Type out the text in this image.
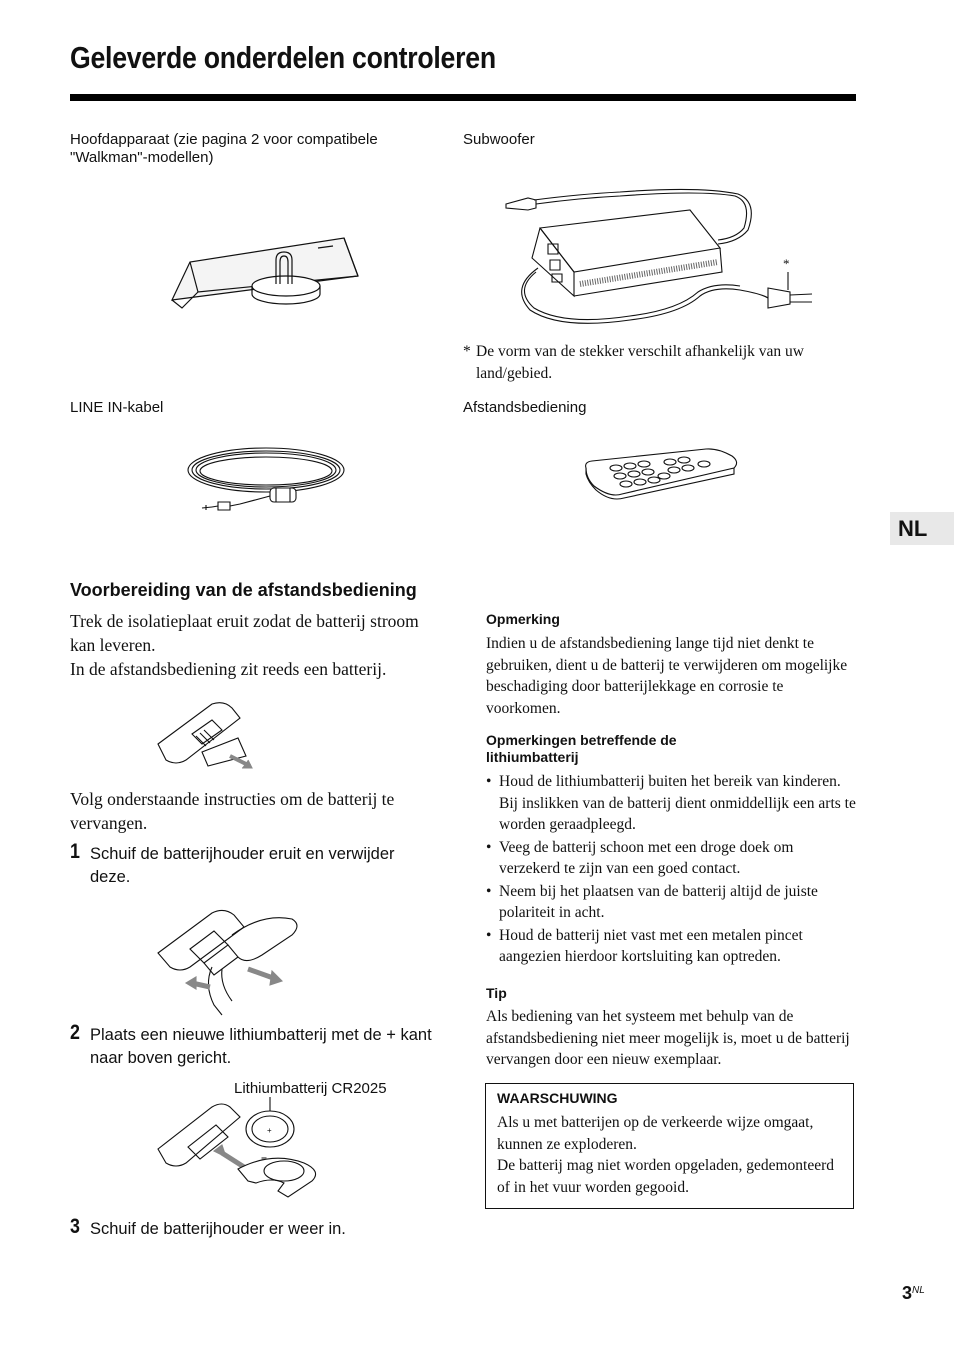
Geleverde onderdelen controleren
NL
Hoofdapparaat (zie pagina 2 voor compatibele "Walkman"-modellen)
Subwoofer
LINE IN-kabel	Afstandsbediening
*
* De vorm van de stekker verschilt afhankelijk van uw land/gebied.
Voorbereiding van de afstandsbediening
Trek de isolatieplaat eruit zodat de batterij stroom kan leveren.
In de afstandsbediening zit reeds een batterij.
Volg onderstaande instructies om de batterij te vervangen.
1 Schuif de batterijhouder eruit en verwijder deze.
2 Plaats een nieuwe lithiumbatterij met de + kant naar boven gericht.
Lithiumbatterij CR2025
+
3 Schuif de batterijhouder er weer in.
Opmerking
Indien u de afstandsbediening lange tijd niet denkt te gebruiken, dient u de batterij te verwijderen om mogelijke beschadiging door batterijlekkage en corrosie te voorkomen.
Opmerkingen betreffende de lithiumbatterij
• Houd de lithiumbatterij buiten het bereik van kinderen. Bij inslikken van de batterij dient onmiddellijk een arts te worden geraadpleegd.
• Veeg de batterij schoon met een droge doek om verzekerd te zijn van een goed contact.
• Neem bij het plaatsen van de batterij altijd de juiste polariteit in acht.
• Houd de batterij niet vast met een metalen pincet aangezien hierdoor kortsluiting kan optreden.
Tip
Als bediening van het systeem met behulp van de afstandsbediening niet meer mogelijk is, moet u de batterij vervangen door een nieuw exemplaar.
WAARSCHUWING
Als u met batterijen op de verkeerde wijze omgaat, kunnen ze exploderen.
De batterij mag niet worden opgeladen, gedemonteerd of in het vuur worden gegooid.
$3^{NL}$
